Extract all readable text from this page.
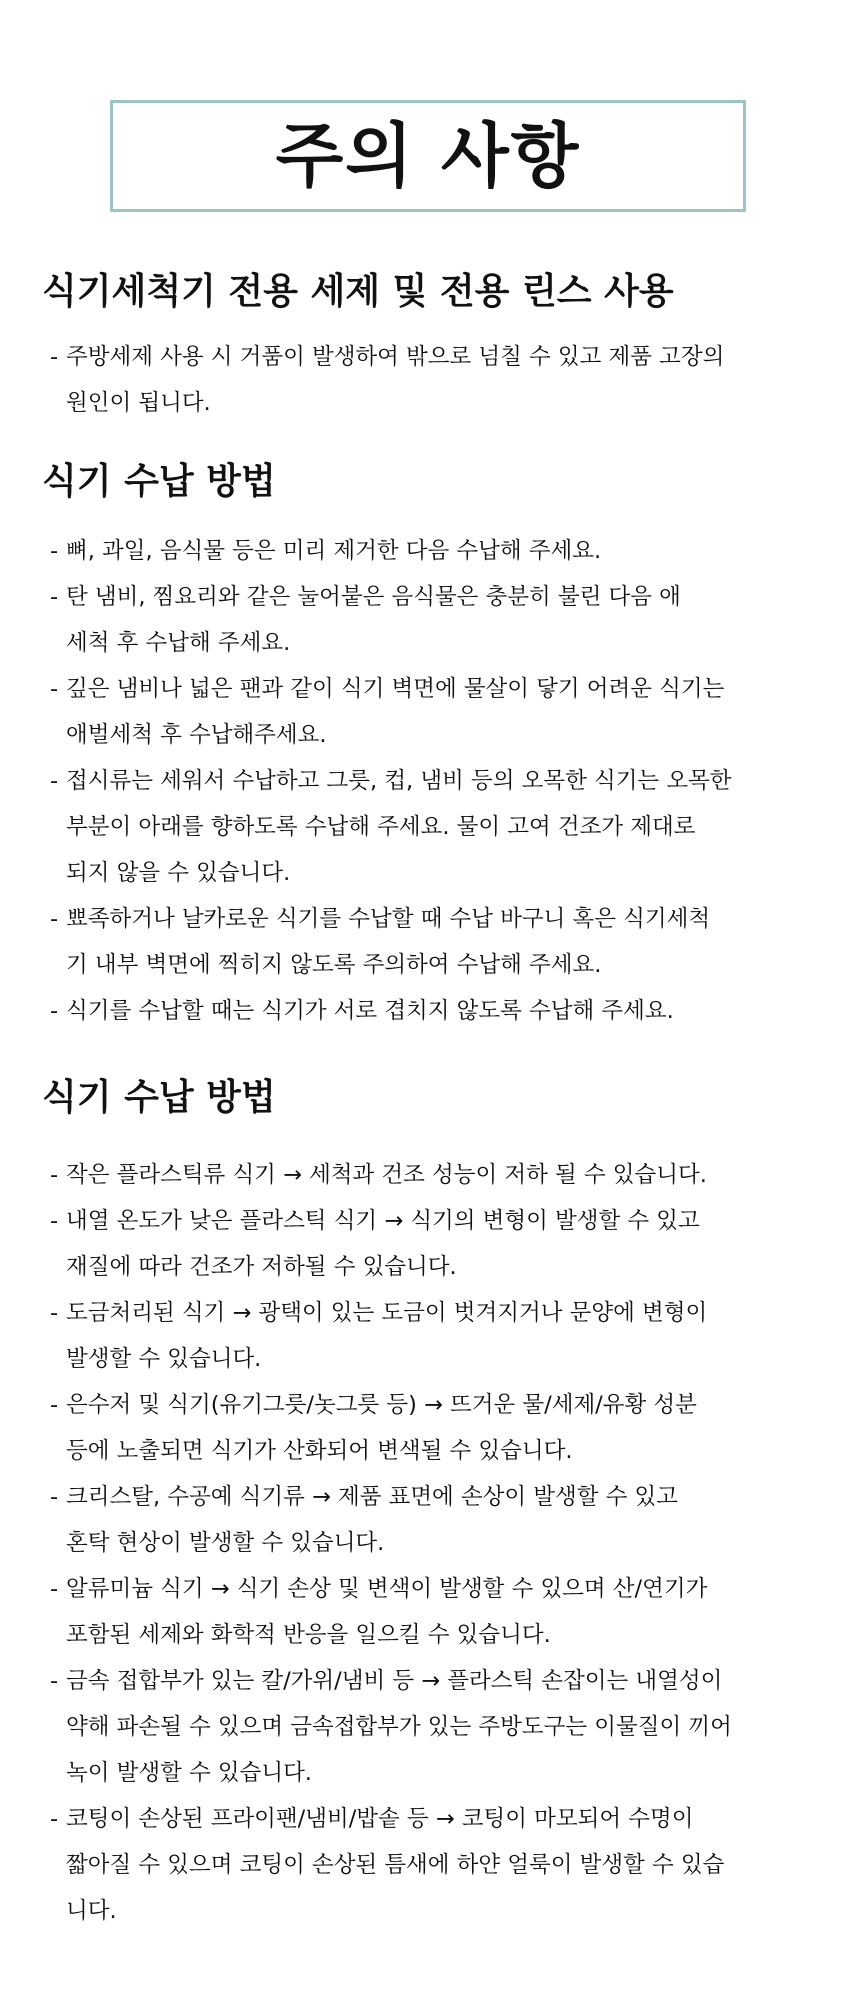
주의 사항
식기세척기 전용 세제 및 전용 린스 사용
- 주방세제 사용 시 거품이 발생하여 밖으로 넘칠 수 있고 제품 고장의
원인이 됩니다.
식기 수납 방법
- 뼈, 과일, 음식물 등은 미리 제거한 다음 수납해 주세요.
- 탄 냄비, 찜요리와 같은 눌어붙은 음식물은 충분히 불린 다음 애
세척 후 수납해 주세요.
- 깊은 냄비나 넓은 팬과 같이 식기 벽면에 물살이 닿기 어려운 식기는
애벌세척 후 수납해주세요.
- 접시류는 세워서 수납하고 그릇, 컵, 냄비 등의 오목한 식기는 오목한
부분이 아래를 향하도록 수납해 주세요. 물이 고여 건조가 제대로
되지 않을 수 있습니다.
- 뾰족하거나 날카로운 식기를 수납할 때 수납 바구니 혹은 식기세척
기 내부 벽면에 찍히지 않도록 주의하여 수납해 주세요.
- 식기를 수납할 때는 식기가 서로 겹치지 않도록 수납해 주세요.
식기 수납 방법
- 작은 플라스틱류 식기 → 세척과 건조 성능이 저하 될 수 있습니다.
- 내열 온도가 낮은 플라스틱 식기 → 식기의 변형이 발생할 수 있고
재질에 따라 건조가 저하될 수 있습니다.
- 도금처리된 식기 → 광택이 있는 도금이 벗겨지거나 문양에 변형이
발생할 수 있습니다.
- 은수저 및 식기(유기그릇/놋그릇 등) → 뜨거운 물/세제/유황 성분
등에 노출되면 식기가 산화되어 변색될 수 있습니다.
- 크리스탈, 수공예 식기류 → 제품 표면에 손상이 발생할 수 있고
혼탁 현상이 발생할 수 있습니다.
- 알류미늄 식기 → 식기 손상 및 변색이 발생할 수 있으며 산/연기가
포함된 세제와 화학적 반응을 일으킬 수 있습니다.
- 금속 접합부가 있는 칼/가위/냄비 등 → 플라스틱 손잡이는 내열성이
약해 파손될 수 있으며 금속접합부가 있는 주방도구는 이물질이 끼어
녹이 발생할 수 있습니다.
- 코팅이 손상된 프라이팬/냄비/밥솥 등 → 코팅이 마모되어 수명이
짧아질 수 있으며 코팅이 손상된 틈새에 하얀 얼룩이 발생할 수 있습
니다.
